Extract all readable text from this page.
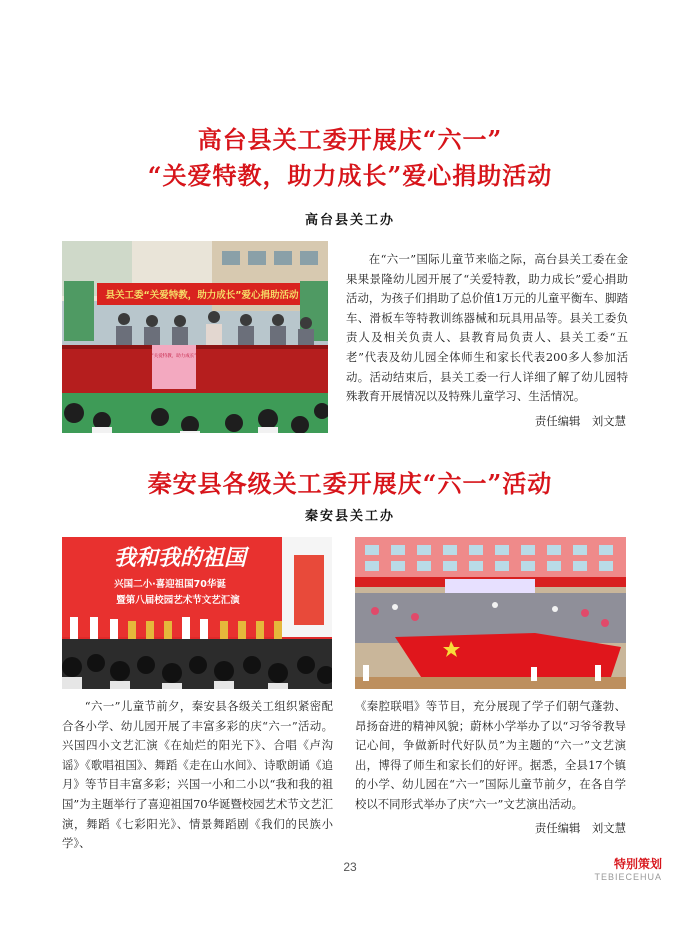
高台县关工委开展庆“六一”
“关爱特教，助力成长”爱心捐助活动
高台县关工办
县关工委“关爱特教，助力成长”爱心捐助活动
“关爱特教，助力成长”

在“六一”国际儿童节来临之际，高台县关工委在金果果景隆幼儿园开展了“关爱特教，助力成长”爱心捐助活动，为孩子们捐助了总价值1万元的儿童平衡车、脚踏车、滑板车等特教训练器械和玩具用品等。县关工委负责人及相关负责人、县教育局负责人、县关工委“五老”代表及幼儿园全体师生和家长代表200多人参加活动。活动结束后，县关工委一行人详细了解了幼儿园特殊教育开展情况以及特殊儿童学习、生活情况。

责任编辑　刘文慧
秦安县各级关工委开展庆“六一”活动
秦安县关工办
我和我的祖国
兴国二小·喜迎祖国70华诞
暨第八届校园艺术节文艺汇演

“六一”儿童节前夕，秦安县各级关工组织紧密配合各小学、幼儿园开展了丰富多彩的庆“六一”活动。兴国四小文艺汇演《在灿烂的阳光下》、合唱《卢沟谣》《歌唱祖国》、舞蹈《走在山水间》、诗歌朗诵《追月》等节目丰富多彩；兴国一小和二小以“我和我的祖国”为主题举行了喜迎祖国70华诞暨校园艺术节文艺汇演，舞蹈《七彩阳光》、情景舞蹈剧《我们的民族小学》、

《秦腔联唱》等节目，充分展现了学子们朝气蓬勃、昂扬奋进的精神风貌；蔚林小学举办了以“习爷爷教导记心间，争做新时代好队员”为主题的“六一”文艺演出，博得了师生和家长们的好评。据悉，全县17个镇的小学、幼儿园在“六一”国际儿童节前夕，在各自学校以不同形式举办了庆“六一”文艺演出活动。

责任编辑　刘文慧
23	特别策划
TEBIECEHUA
